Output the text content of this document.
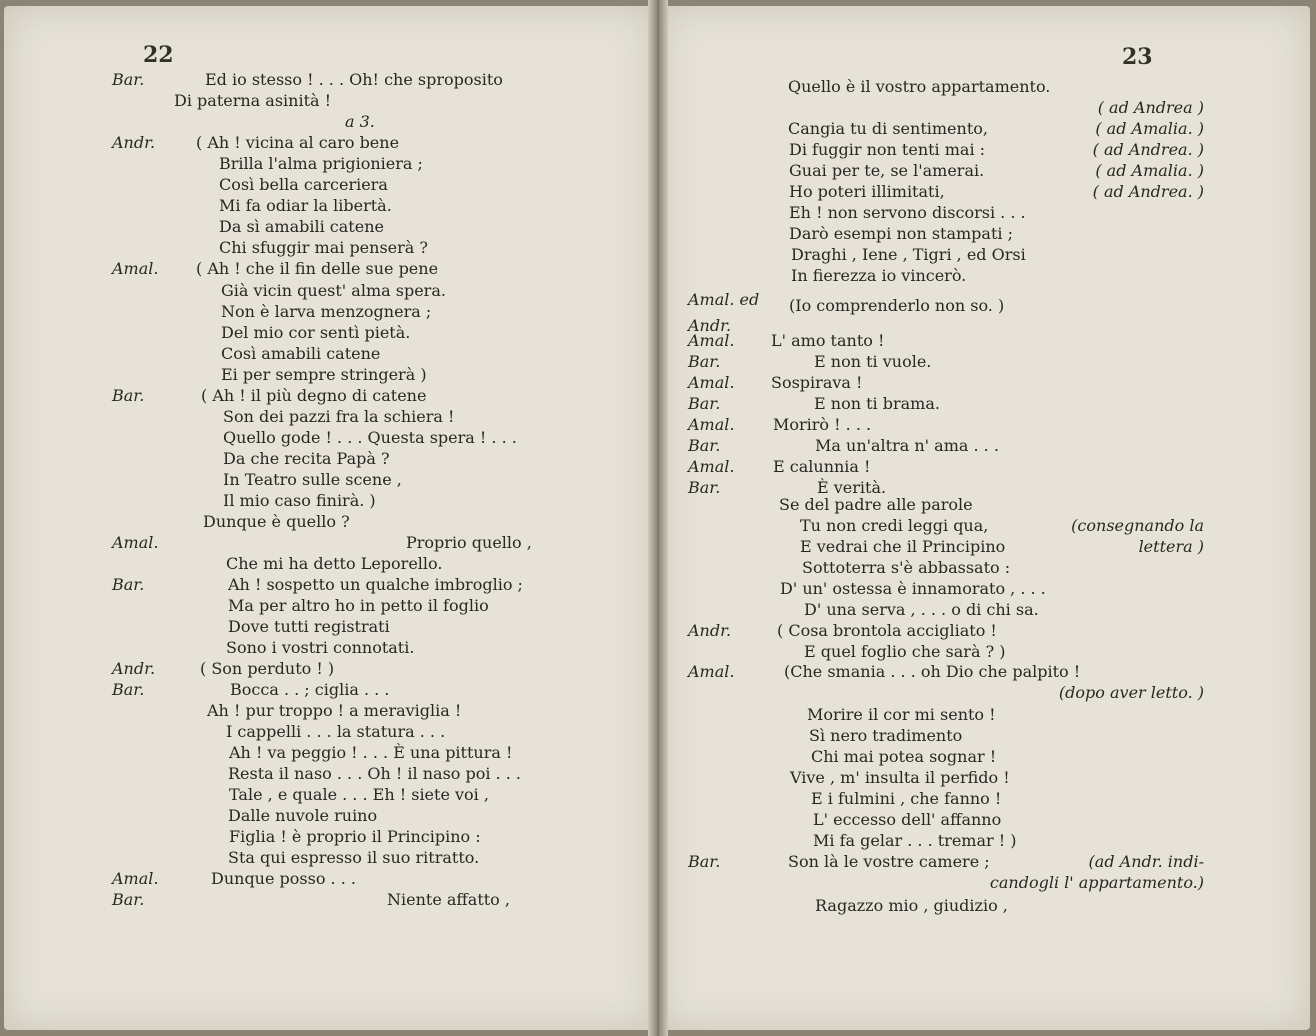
22	23
Bar.	Ed io stesso ! . . . Oh! che sproposito
Di paterna asinità !
a 3.
Andr.	( Ah ! vicina al caro bene
Brilla l'alma prigioniera ;
Così bella carceriera
Mi fa odiar la libertà.
Da sì amabili catene
Chi sfuggir mai penserà ?
Amal. ( Ah ! che il fin delle sue pene
Già vicin quest' alma spera.
Non è larva menzognera ;
Del mio cor sentì pietà.
Così amabili catene
Ei per sempre stringerà )
Bar.	( Ah ! il più degno di catene
Son dei pazzi fra la schiera !
Quello gode ! . . . Questa spera ! . . .
Da che recita Papà ?
In Teatro sulle scene ,
Il mio caso finirà. )
Dunque è quello ?
Amal.	Proprio quello ,
Che mi ha detto Leporello.
Bar.	Ah ! sospetto un qualche imbroglio ;
Ma per altro ho in petto il foglio
Dove tutti registrati
Sono i vostri connotati.
Andr.	( Son perduto ! )
Bar.	Bocca . . ; ciglia . . .
Ah ! pur troppo ! a meraviglia !
I cappelli . . . la statura . . .
Ah ! va peggio ! . . . È una pittura !
Resta il naso . . . Oh ! il naso poi . . .
Tale , e quale . . . Eh ! siete voi ,
Dalle nuvole ruino
Figlia ! è proprio il Principino :
Sta qui espresso il suo ritratto.
Amal.	Dunque posso . . .
Bar.	Niente affatto ,
Quello è il vostro appartamento.
( ad Andrea )
Cangia tu di sentimento,	( ad Amalia. )
Di fuggir non tenti mai :	( ad Andrea. )
Guai per te, se l'amerai.	( ad Amalia. )
Ho poteri illimitati,	( ad Andrea. )
Eh ! non servono discorsi . . .
Darò esempi non stampati ;
Draghi , Iene , Tigri , ed Orsi
In fierezza io vincerò.
Amal. ed (Io comprenderlo non so. )
Andr.
Amal. L' amo tanto !
Bar.	E non ti vuole.
Amal. Sospirava !
Bar.	E non ti brama.
Amal. Morirò ! . . .
Bar.	Ma un'altra n' ama . . .
Amal. E calunnia !
Bar.	È verità.
Se del padre alle parole
Tu non credi leggi qua,	(consegnando la
E vedrai che il Principino	lettera )
Sottoterra s'è abbassato :
D' un' ostessa è innamorato , . . .
D' una serva , . . . o di chi sa.
Andr.	( Cosa brontola accigliato !
E quel foglio che sarà ? )
Amal.	(Che smania . . . oh Dio che palpito !
(dopo aver letto. )
Morire il cor mi sento !
Sì nero tradimento
Chi mai potea sognar !
Vive , m' insulta il perfido !
E i fulmini , che fanno !
L' eccesso dell' affanno
Mi fa gelar . . . tremar ! )
Bar.	Son là le vostre camere ;	(ad Andr. indi-
candogli l' appartamento.)
Ragazzo mio , giudizio ,
